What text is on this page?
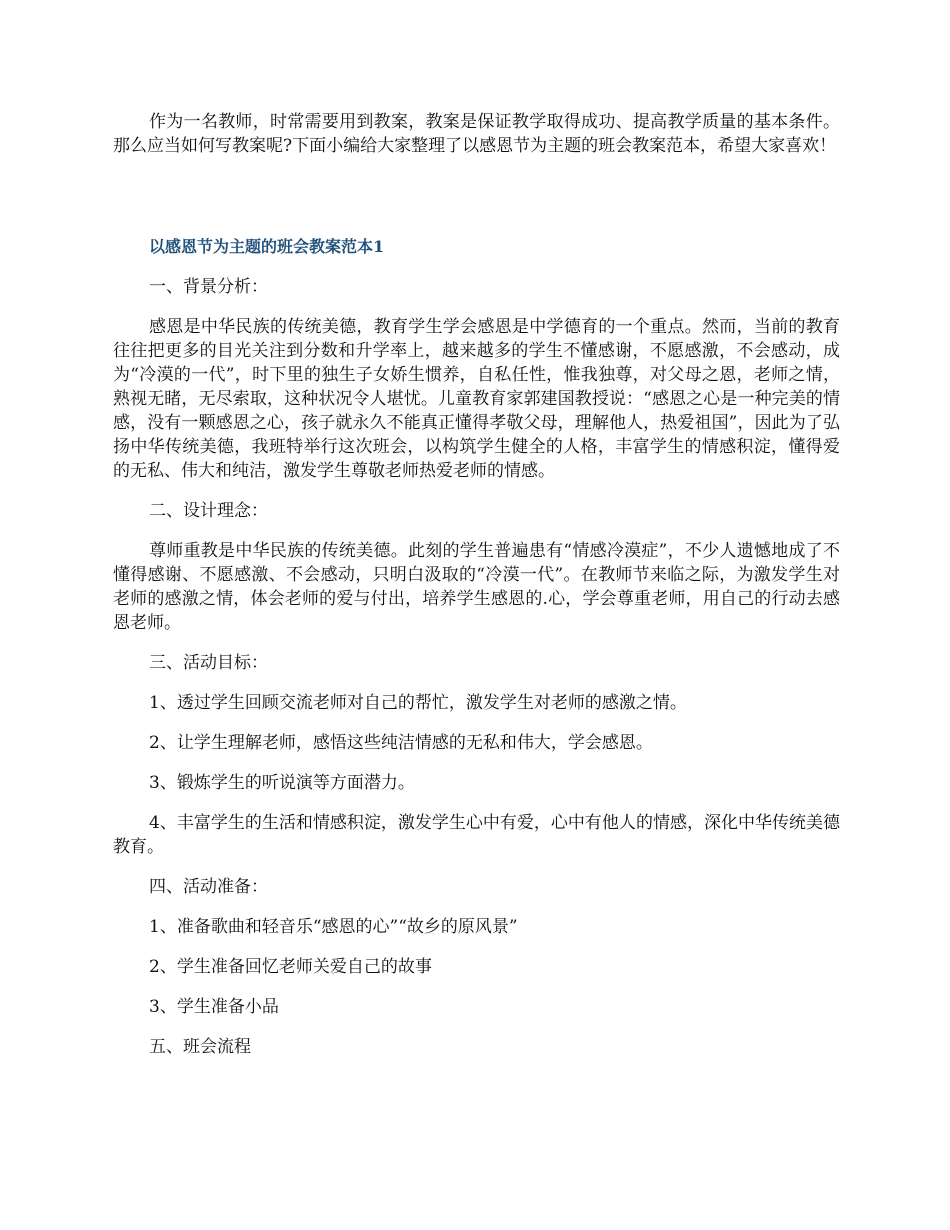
作为一名教师，时常需要用到教案，教案是保证教学取得成功、提高教学质量的基本条件。那么应当如何写教案呢?下面小编给大家整理了以感恩节为主题的班会教案范本，希望大家喜欢！

以感恩节为主题的班会教案范本1

一、背景分析：

感恩是中华民族的传统美德，教育学生学会感恩是中学德育的一个重点。然而，当前的教育往往把更多的目光关注到分数和升学率上，越来越多的学生不懂感谢，不愿感激，不会感动，成为“冷漠的一代”，时下里的独生子女娇生惯养，自私任性，惟我独尊，对父母之恩，老师之情，熟视无睹，无尽索取，这种状况令人堪忧。儿童教育家郭建国教授说：“感恩之心是一种完美的情感，没有一颗感恩之心，孩子就永久不能真正懂得孝敬父母，理解他人，热爱祖国”，因此为了弘扬中华传统美德，我班特举行这次班会，以构筑学生健全的人格，丰富学生的情感积淀，懂得爱的无私、伟大和纯洁，激发学生尊敬老师热爱老师的情感。

二、设计理念：

尊师重教是中华民族的传统美德。此刻的学生普遍患有“情感冷漠症”，不少人遗憾地成了不懂得感谢、不愿感激、不会感动，只明白汲取的“冷漠一代”。在教师节来临之际，为激发学生对老师的感激之情，体会老师的爱与付出，培养学生感恩的.心，学会尊重老师，用自己的行动去感恩老师。

三、活动目标：

1、透过学生回顾交流老师对自己的帮忙，激发学生对老师的感激之情。

2、让学生理解老师，感悟这些纯洁情感的无私和伟大，学会感恩。

3、锻炼学生的听说演等方面潜力。

4、丰富学生的生活和情感积淀，激发学生心中有爱，心中有他人的情感，深化中华传统美德教育。

四、活动准备：

1、准备歌曲和轻音乐“感恩的心”“故乡的原风景”

2、学生准备回忆老师关爱自己的故事

3、学生准备小品

五、班会流程
